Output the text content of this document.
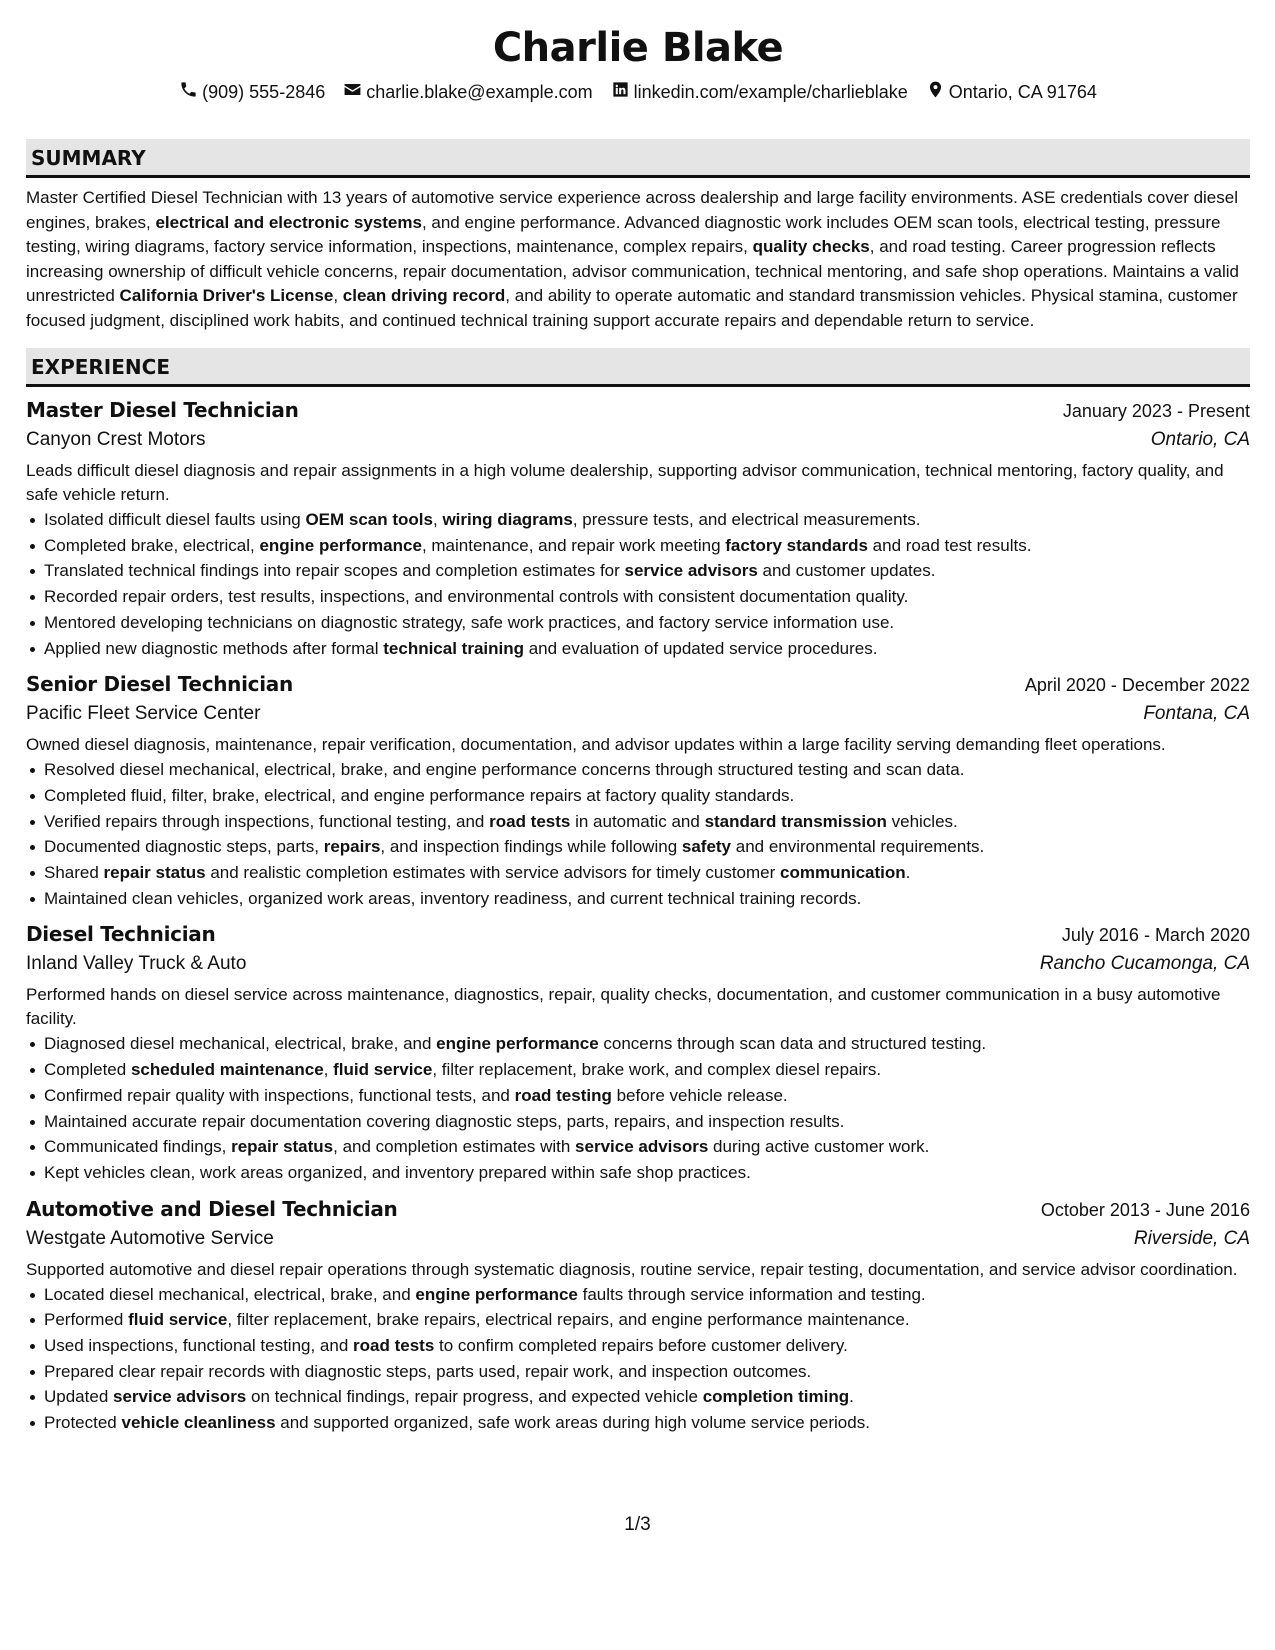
Charlie Blake
(909) 555-2846 charlie.blake@example.com linkedin.com/example/charlieblake Ontario, CA 91764
SUMMARY

Master Certified Diesel Technician with 13 years of automotive service experience across dealership and large facility environments. ASE credentials cover diesel engines, brakes, electrical and electronic systems, and engine performance. Advanced diagnostic work includes OEM scan tools, electrical testing, pressure testing, wiring diagrams, factory service information, inspections, maintenance, complex repairs, quality checks, and road testing. Career progression reflects increasing ownership of difficult vehicle concerns, repair documentation, advisor communication, technical mentoring, and safe shop operations. Maintains a valid unrestricted California Driver's License, clean driving record, and ability to operate automatic and standard transmission vehicles. Physical stamina, customer focused judgment, disciplined work habits, and continued technical training support accurate repairs and dependable return to service.

EXPERIENCE
Master Diesel Technician	January 2023 - Present
Canyon Crest Motors	Ontario, CA
Leads difficult diesel diagnosis and repair assignments in a high volume dealership, supporting advisor communication, technical mentoring, factory quality, and safe vehicle return.
Isolated difficult diesel faults using OEM scan tools, wiring diagrams, pressure tests, and electrical measurements.
Completed brake, electrical, engine performance, maintenance, and repair work meeting factory standards and road test results.
Translated technical findings into repair scopes and completion estimates for service advisors and customer updates.
Recorded repair orders, test results, inspections, and environmental controls with consistent documentation quality.
Mentored developing technicians on diagnostic strategy, safe work practices, and factory service information use.
Applied new diagnostic methods after formal technical training and evaluation of updated service procedures.
Senior Diesel Technician	April 2020 - December 2022
Pacific Fleet Service Center	Fontana, CA
Owned diesel diagnosis, maintenance, repair verification, documentation, and advisor updates within a large facility serving demanding fleet operations.
Resolved diesel mechanical, electrical, brake, and engine performance concerns through structured testing and scan data.
Completed fluid, filter, brake, electrical, and engine performance repairs at factory quality standards.
Verified repairs through inspections, functional testing, and road tests in automatic and standard transmission vehicles.
Documented diagnostic steps, parts, repairs, and inspection findings while following safety and environmental requirements.
Shared repair status and realistic completion estimates with service advisors for timely customer communication.
Maintained clean vehicles, organized work areas, inventory readiness, and current technical training records.
Diesel Technician	July 2016 - March 2020
Inland Valley Truck & Auto	Rancho Cucamonga, CA
Performed hands on diesel service across maintenance, diagnostics, repair, quality checks, documentation, and customer communication in a busy automotive facility.
Diagnosed diesel mechanical, electrical, brake, and engine performance concerns through scan data and structured testing.
Completed scheduled maintenance, fluid service, filter replacement, brake work, and complex diesel repairs.
Confirmed repair quality with inspections, functional tests, and road testing before vehicle release.
Maintained accurate repair documentation covering diagnostic steps, parts, repairs, and inspection results.
Communicated findings, repair status, and completion estimates with service advisors during active customer work.
Kept vehicles clean, work areas organized, and inventory prepared within safe shop practices.
Automotive and Diesel Technician	October 2013 - June 2016
Westgate Automotive Service	Riverside, CA
Supported automotive and diesel repair operations through systematic diagnosis, routine service, repair testing, documentation, and service advisor coordination.
Located diesel mechanical, electrical, brake, and engine performance faults through service information and testing.
Performed fluid service, filter replacement, brake repairs, electrical repairs, and engine performance maintenance.
Used inspections, functional testing, and road tests to confirm completed repairs before customer delivery.
Prepared clear repair records with diagnostic steps, parts used, repair work, and inspection outcomes.
Updated service advisors on technical findings, repair progress, and expected vehicle completion timing.
Protected vehicle cleanliness and supported organized, safe work areas during high volume service periods.
1/3
